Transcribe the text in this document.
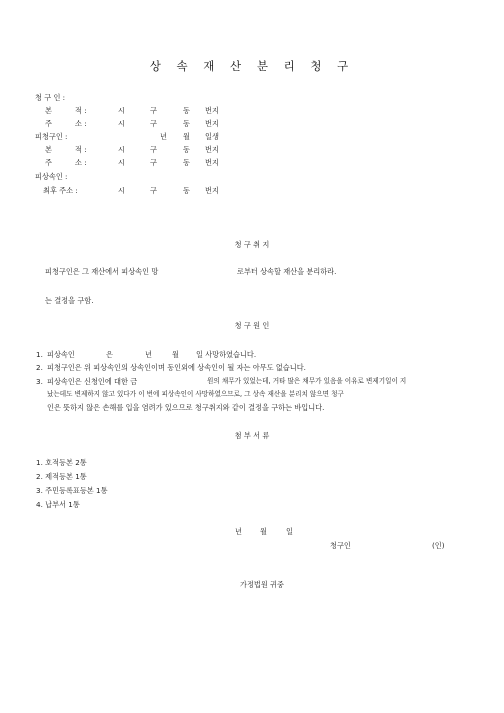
상 속 재 산 분 리 청 구
청 구 인 :
본	적 :	시	구	동 번지
주	소 :	시	구	동 번지
피청구인 :	년 월 일생
본	적 :	시	구	동 번지
주	소 :	시	구	동 번지
피상속인 :
최후 주소 :	시	구	동 번지
청 구 취 지
피청구인은 그 재산에서 피상속인 망	로부터 상속할 재산을 분리하라.
는 결정을 구함.
청 구 원 인
1. 피상속인	은	년	월 일 사망하였습니다.
2. 피청구인은 위 피상속인의 상속인이며 동인외에 상속인이 될 자는 아무도 없습니다.
3. 피상속인은 신청인에 대한 금	원의 채무가 있었는데, 거타 많은 채무가 있음을 이유로 변제기일이 지
났는데도 변제하지 않고 있다가 이 번에 피상속인이 사망하였으므로, 그 상속 재산을 분리치 않으면 청구
인은 뜻하지 않은 손해를 입을 염려가 있으므로 청구취지와 같이 결정을 구하는 바입니다.
첨 부 서 류
1. 호적등본 2통
2. 제적등본 1통
3. 주민등록표등본 1통
4. 납부서 1통
년	월	일
청구인	(인)
가정법원 귀중
